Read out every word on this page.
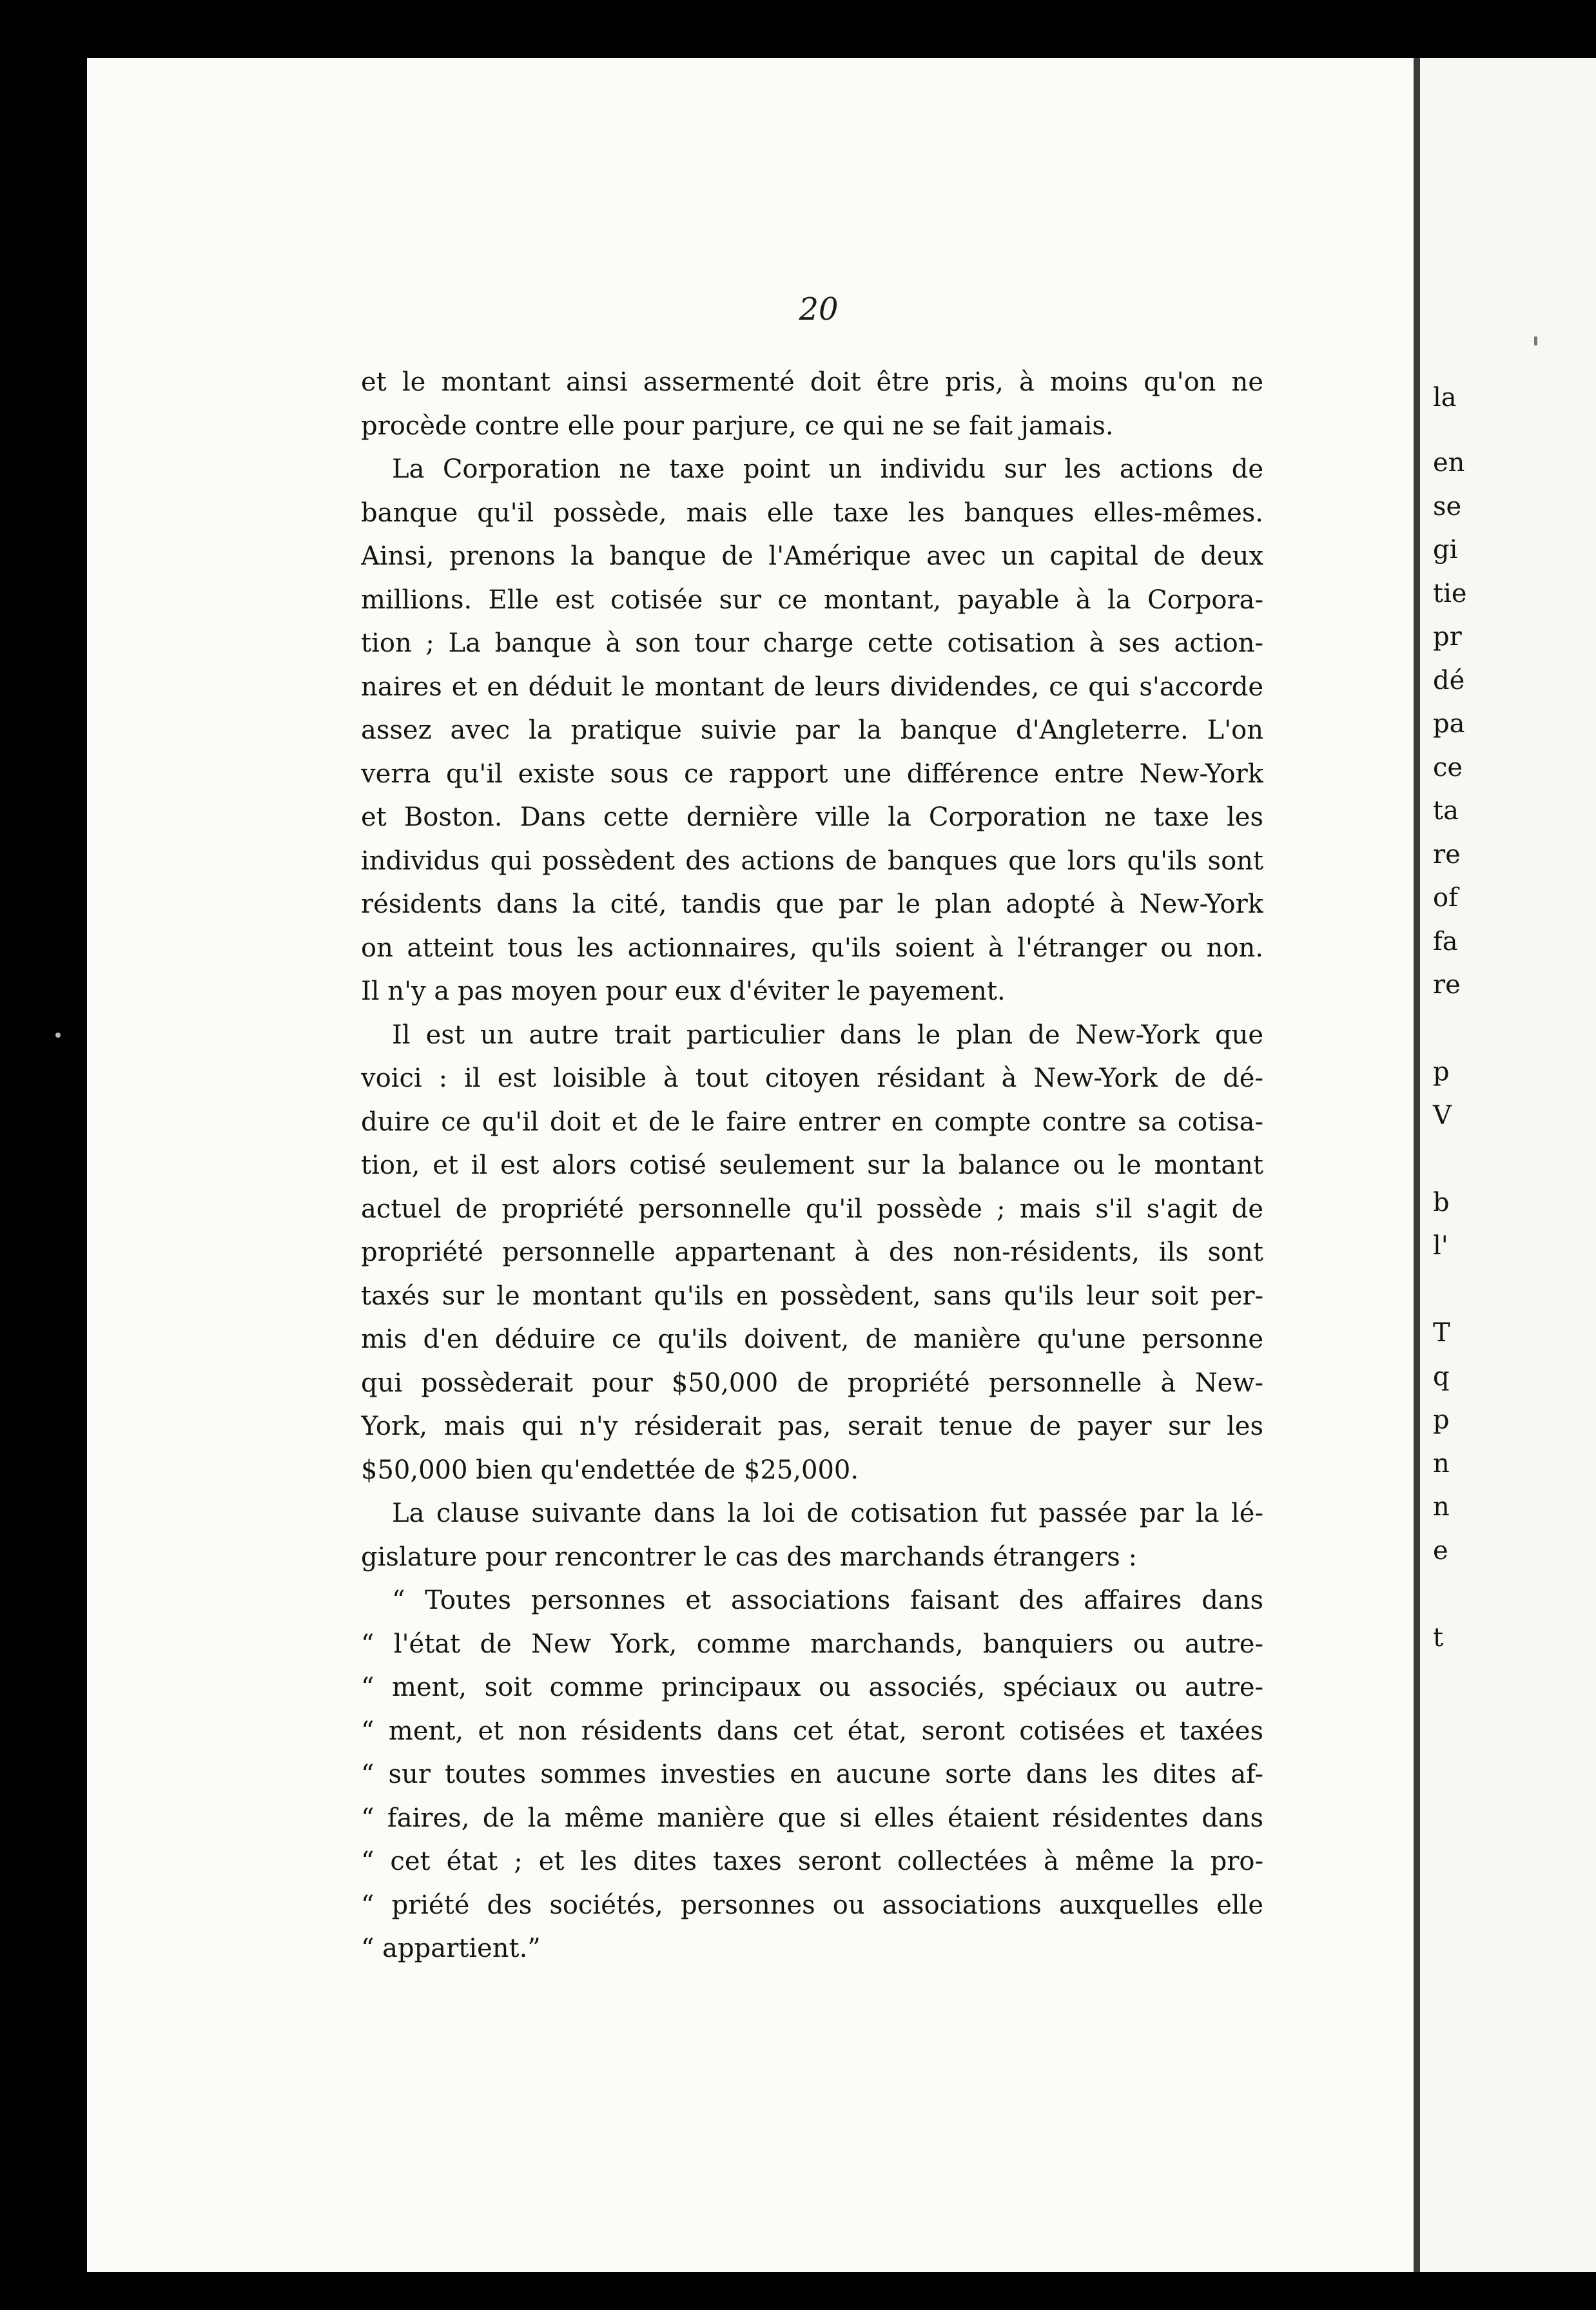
20
et le montant ainsi assermenté doit être pris, à moins qu'on ne
procède contre elle pour parjure, ce qui ne se fait jamais.
La Corporation ne taxe point un individu sur les actions de
banque qu'il possède, mais elle taxe les banques elles-mêmes.
Ainsi, prenons la banque de l'Amérique avec un capital de deux
millions. Elle est cotisée sur ce montant, payable à la Corpora-
tion ; La banque à son tour charge cette cotisation à ses action-
naires et en déduit le montant de leurs dividendes, ce qui s'accorde
assez avec la pratique suivie par la banque d'Angleterre. L'on
verra qu'il existe sous ce rapport une différence entre New-York
et Boston. Dans cette dernière ville la Corporation ne taxe les
individus qui possèdent des actions de banques que lors qu'ils sont
résidents dans la cité, tandis que par le plan adopté à New-York
on atteint tous les actionnaires, qu'ils soient à l'étranger ou non.
Il n'y a pas moyen pour eux d'éviter le payement.
Il est un autre trait particulier dans le plan de New-York que
voici : il est loisible à tout citoyen résidant à New-York de dé-
duire ce qu'il doit et de le faire entrer en compte contre sa cotisa-
tion, et il est alors cotisé seulement sur la balance ou le montant
actuel de propriété personnelle qu'il possède ; mais s'il s'agit de
propriété personnelle appartenant à des non-résidents, ils sont
taxés sur le montant qu'ils en possèdent, sans qu'ils leur soit per-
mis d'en déduire ce qu'ils doivent, de manière qu'une personne
qui possèderait pour $50,000 de propriété personnelle à New-
York, mais qui n'y résiderait pas, serait tenue de payer sur les
$50,000 bien qu'endettée de $25,000.
La clause suivante dans la loi de cotisation fut passée par la lé-
gislature pour rencontrer le cas des marchands étrangers :
“ Toutes personnes et associations faisant des affaires dans
“ l'état de New York, comme marchands, banquiers ou autre-
“ ment, soit comme principaux ou associés, spéciaux ou autre-
“ ment, et non résidents dans cet état, seront cotisées et taxées
“ sur toutes sommes investies en aucune sorte dans les dites af-
“ faires, de la même manière que si elles étaient résidentes dans
“ cet état ; et les dites taxes seront collectées à même la pro-
“ priété des sociétés, personnes ou associations auxquelles elle
“ appartient.”
la
en
se
gi
tie
pr
dé
pa
ce
ta
re
of
fa
re
p
V
b
l'
T
q
p
n
n
e
t
